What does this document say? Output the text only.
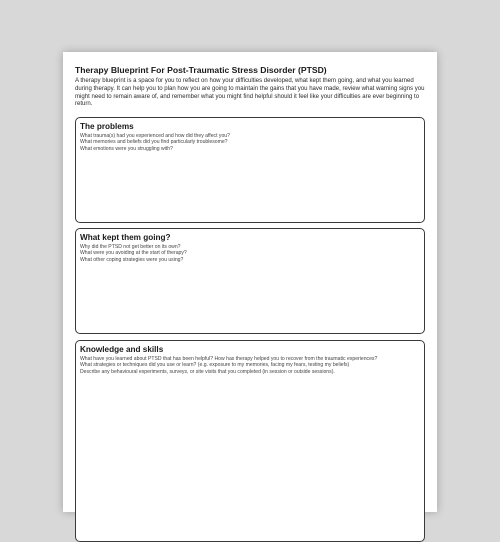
Therapy Blueprint For Post-Traumatic Stress Disorder (PTSD)
A therapy blueprint is a space for you to reflect on how your difficulties developed, what kept them going, and what you learned during therapy. It can help you to plan how you are going to maintain the gains that you have made, review what warning signs you might need to remain aware of, and remember what you might find helpful should it feel like your difficulties are ever beginning to return.
The problems
What trauma(s) had you experienced and how did they affect you?
What memories and beliefs did you find particularly troublesome?
What emotions were you struggling with?
What kept them going?
Why did the PTSD not get better on its own?
What were you avoiding at the start of therapy?
What other coping strategies were you using?
Knowledge and skills
What have you learned about PTSD that has been helpful? How has therapy helped you to recover from the traumatic experiences?
What strategies or techniques did you use or learn? (e.g. exposure to my memories, facing my fears, testing my beliefs)
Describe any behavioural experiments, surveys, or site visits that you completed (in session or outside sessions).
